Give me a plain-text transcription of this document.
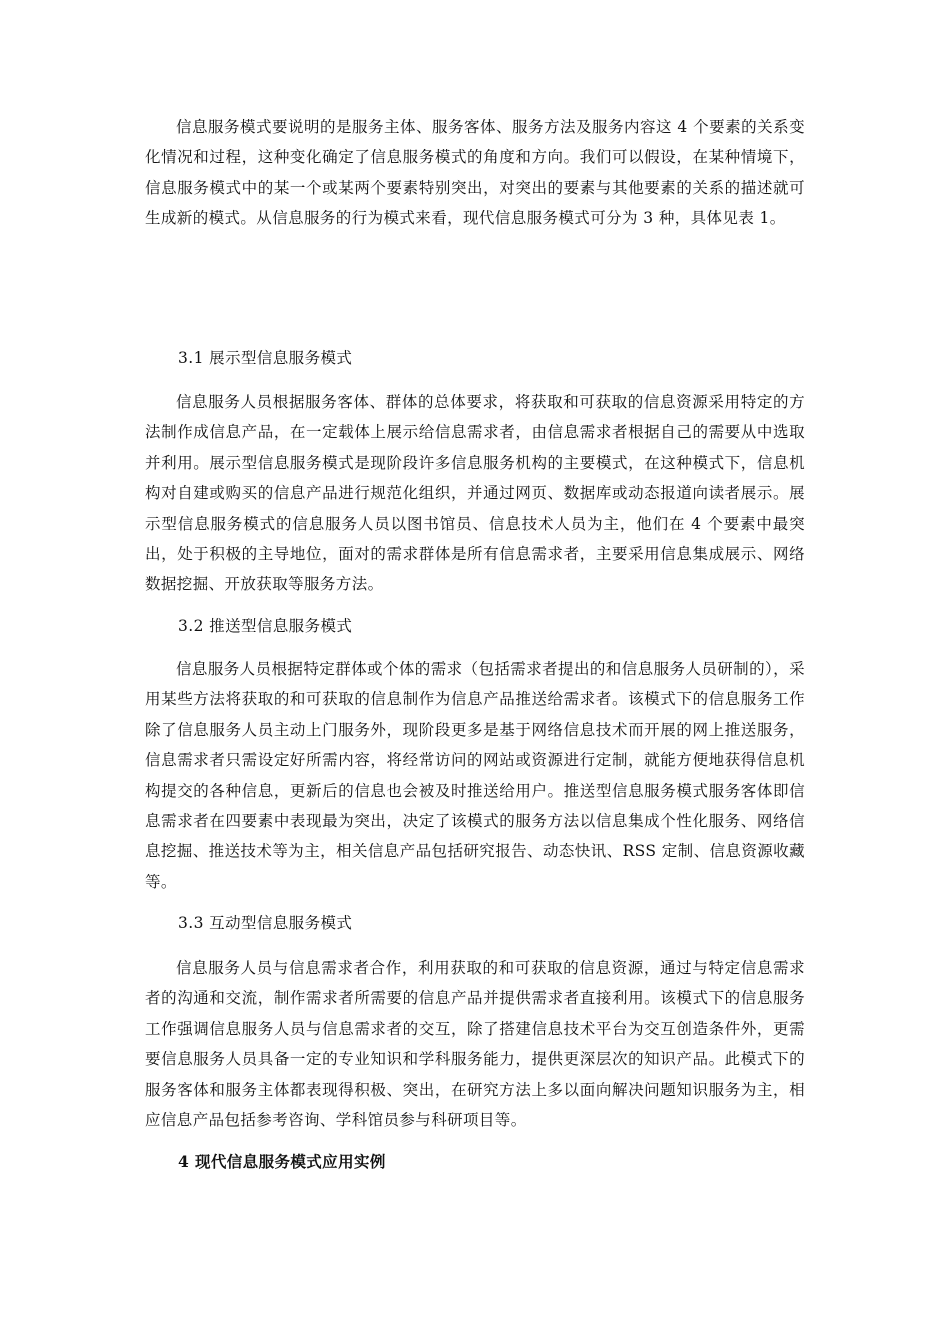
信息服务模式要说明的是服务主体、服务客体、服务方法及服务内容这 4 个要素的关系变化情况和过程，这种变化确定了信息服务模式的角度和方向。我们可以假设，在某种情境下，信息服务模式中的某一个或某两个要素特别突出，对突出的要素与其他要素的关系的描述就可生成新的模式。从信息服务的行为模式来看，现代信息服务模式可分为 3 种，具体见表 1。

3.1 展示型信息服务模式

信息服务人员根据服务客体、群体的总体要求，将获取和可获取的信息资源采用特定的方法制作成信息产品，在一定载体上展示给信息需求者，由信息需求者根据自己的需要从中选取并利用。展示型信息服务模式是现阶段许多信息服务机构的主要模式，在这种模式下，信息机构对自建或购买的信息产品进行规范化组织，并通过网页、数据库或动态报道向读者展示。展示型信息服务模式的信息服务人员以图书馆员、信息技术人员为主，他们在 4 个要素中最突出，处于积极的主导地位，面对的需求群体是所有信息需求者，主要采用信息集成展示、网络数据挖掘、开放获取等服务方法。

3.2 推送型信息服务模式

信息服务人员根据特定群体或个体的需求（包括需求者提出的和信息服务人员研制的），采用某些方法将获取的和可获取的信息制作为信息产品推送给需求者。该模式下的信息服务工作除了信息服务人员主动上门服务外，现阶段更多是基于网络信息技术而开展的网上推送服务，信息需求者只需设定好所需内容，将经常访问的网站或资源进行定制，就能方便地获得信息机构提交的各种信息，更新后的信息也会被及时推送给用户。推送型信息服务模式服务客体即信息需求者在四要素中表现最为突出，决定了该模式的服务方法以信息集成个性化服务、网络信息挖掘、推送技术等为主，相关信息产品包括研究报告、动态快讯、RSS 定制、信息资源收藏等。

3.3 互动型信息服务模式

信息服务人员与信息需求者合作，利用获取的和可获取的信息资源，通过与特定信息需求者的沟通和交流，制作需求者所需要的信息产品并提供需求者直接利用。该模式下的信息服务工作强调信息服务人员与信息需求者的交互，除了搭建信息技术平台为交互创造条件外，更需要信息服务人员具备一定的专业知识和学科服务能力，提供更深层次的知识产品。此模式下的服务客体和服务主体都表现得积极、突出，在研究方法上多以面向解决问题知识服务为主，相应信息产品包括参考咨询、学科馆员参与科研项目等。

4 现代信息服务模式应用实例
